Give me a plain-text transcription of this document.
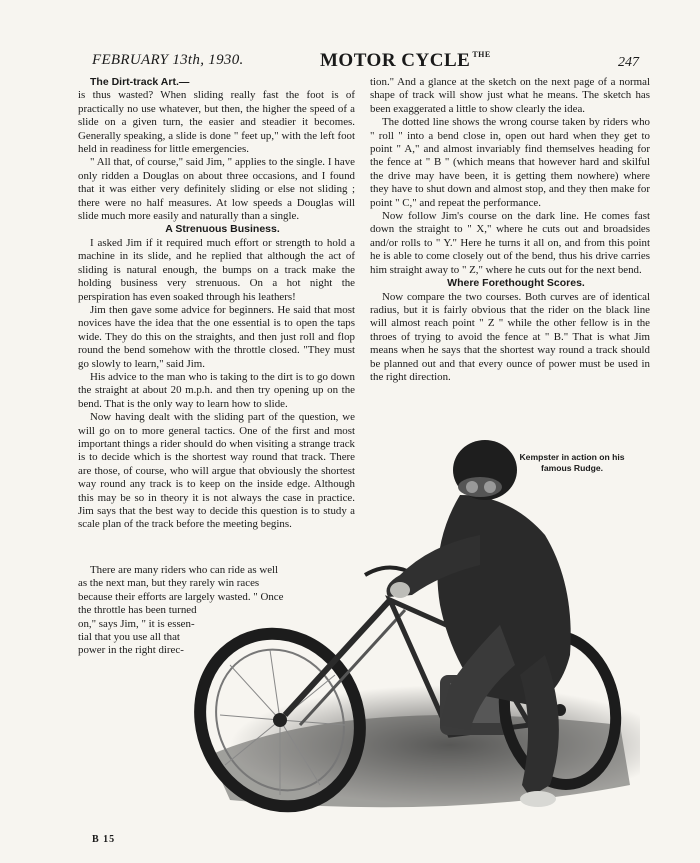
FEBRUARY 13th, 1930.	MOTOR CYCLE $^{THE}$
247

The Dirt-track Art.—

is thus wasted? When sliding really fast the foot is of practically no use whatever, but then, the higher the speed of a slide on a given turn, the easier and steadier it becomes. Generally speaking, a slide is done " feet up," with the left foot held in readiness for little emergencies.

" All that, of course," said Jim, " applies to the single. I have only ridden a Douglas on about three occasions, and I found that it was either very definitely sliding or else not sliding ; there were no half measures. At low speeds a Douglas will slide much more easily and naturally than a single.

A Strenuous Business.

I asked Jim if it required much effort or strength to hold a machine in its slide, and he replied that although the act of sliding is natural enough, the bumps on a track make the holding business very strenuous. On a hot night the perspiration has even soaked through his leathers!

Jim then gave some advice for beginners. He said that most novices have the idea that the one essential is to open the taps wide. They do this on the straights, and then just roll and flop round the bend somehow with the throttle closed. "They must go slowly to learn," said Jim.

His advice to the man who is taking to the dirt is to go down the straight at about 20 m.p.h. and then try opening up on the bend. That is the only way to learn how to slide.

Now having dealt with the sliding part of the question, we will go on to more general tactics. One of the first and most important things a rider should do when visiting a strange track is to decide which is the shortest way round that track. There are those, of course, who will argue that obviously the shortest way round any track is to keep on the inside edge. Although this may be so in theory it is not always the case in practice. Jim says that the best way to decide this question is to study a scale plan of the track before the meeting begins.

There are many riders who can ride as well
as the next man, but they rarely win races
because their efforts are largely wasted. " Once
the throttle has been turned
on," says Jim, " it is essen-
tial that you use all that
power in the right direc-

tion." And a glance at the sketch on the next page of a normal shape of track will show just what he means. The sketch has been exaggerated a little to show clearly the idea.

The dotted line shows the wrong course taken by riders who " roll " into a bend close in, open out hard when they get to point " A," and almost invariably find themselves heading for the fence at " B " (which means that however hard and skilful the drive may have been, it is getting them nowhere) where they have to shut down and almost stop, and they then make for point " C," and repeat the performance.

Now follow Jim's course on the dark line. He comes fast down the straight to " X," where he cuts out and broadsides and/or rolls to " Y." Here he turns it all on, and from this point he is able to come closely out of the bend, thus his drive carries him straight away to " Z," where he cuts out for the next bend.

Where Forethought Scores.

Now compare the two courses. Both curves are of identical radius, but it is fairly obvious that the rider on the black line will almost reach point " Z " while the other fellow is in the throes of trying to avoid the fence at " B." That is what Jim means when he says that the shortest way round a track should be planned out and that every ounce of power must be used in the right direction.

Kempster in action on his famous Rudge.
B 15
